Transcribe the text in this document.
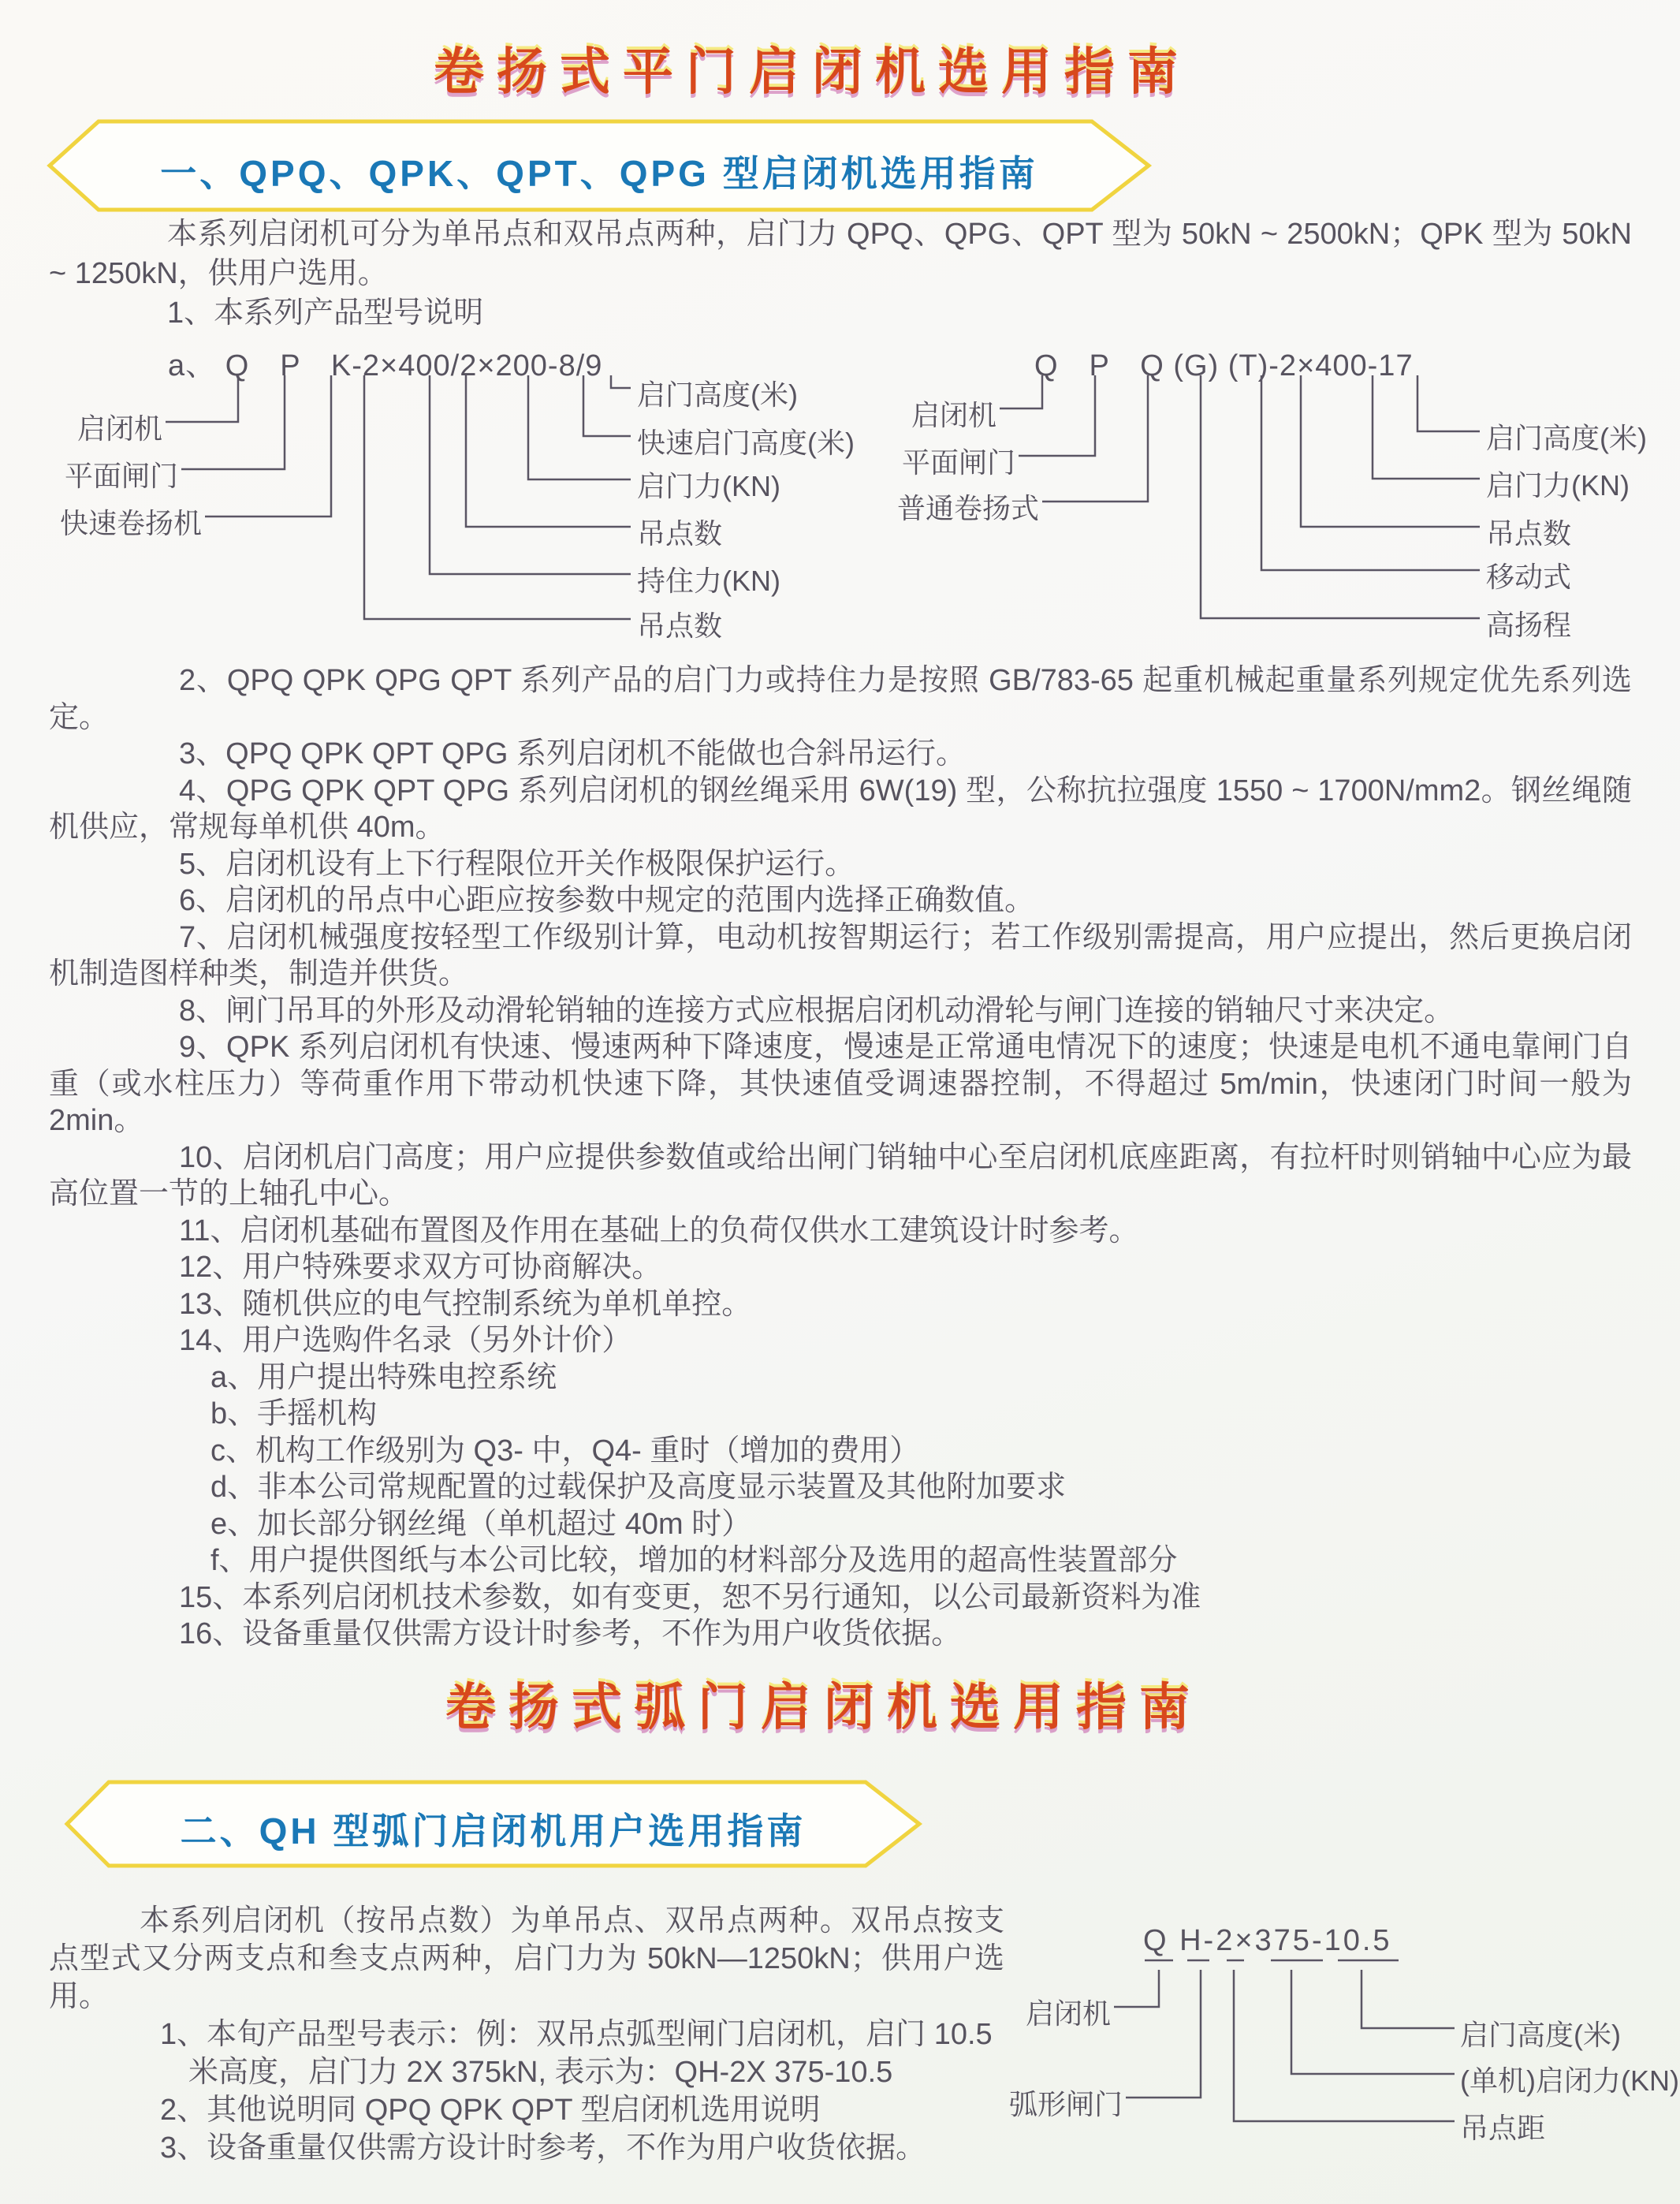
卷扬式平门启闭机选用指南
一、QPQ、QPK、QPT、QPG 型启闭机选用指南

本系列启闭机可分为单吊点和双吊点两种，启门力 QPQ、QPG、QPT 型为 50kN ~ 2500kN；QPK 型为 50kN ~ 1250kN，供用户选用。

1、本系列产品型号说明

a、 Q　P　K-2×400/2×200-8/9	Q　P　Q (G) (T)-2×400-17
启闭机
平面闸门
快速卷扬机
启门高度(米)
快速启门高度(米)
启门力(KN)
吊点数
持住力(KN)
吊点数
启闭机
平面闸门
普通卷扬式
启门高度(米)
启门力(KN)
吊点数
移动式
高扬程

2、QPQ QPK QPG QPT 系列产品的启门力或持住力是按照 GB/783-65 起重机械起重量系列规定优先系列选定。

3、QPQ QPK QPT QPG 系列启闭机不能做也合斜吊运行。

4、QPG QPK QPT QPG 系列启闭机的钢丝绳采用 6W(19) 型，公称抗拉强度 1550 ~ 1700N/mm2。钢丝绳随机供应，常规每单机供 40m。

5、启闭机设有上下行程限位开关作极限保护运行。

6、启闭机的吊点中心距应按参数中规定的范围内选择正确数值。

7、启闭机械强度按轻型工作级别计算，电动机按智期运行；若工作级别需提高，用户应提出，然后更换启闭机制造图样种类，制造并供货。

8、闸门吊耳的外形及动滑轮销轴的连接方式应根据启闭机动滑轮与闸门连接的销轴尺寸来决定。

9、QPK 系列启闭机有快速、慢速两种下降速度，慢速是正常通电情况下的速度；快速是电机不通电靠闸门自重（或水柱压力）等荷重作用下带动机快速下降，其快速值受调速器控制，不得超过 5m/min，快速闭门时间一般为 2min。

10、启闭机启门高度；用户应提供参数值或给出闸门销轴中心至启闭机底座距离，有拉杆时则销轴中心应为最高位置一节的上轴孔中心。

11、启闭机基础布置图及作用在基础上的负荷仅供水工建筑设计时参考。

12、用户特殊要求双方可协商解决。

13、随机供应的电气控制系统为单机单控。

14、用户选购件名录（另外计价）

a、用户提出特殊电控系统

b、手摇机构

c、机构工作级别为 Q3- 中，Q4- 重时（增加的费用）

d、非本公司常规配置的过载保护及高度显示装置及其他附加要求

e、加长部分钢丝绳（单机超过 40m 时）

f、用户提供图纸与本公司比较，增加的材料部分及选用的超高性装置部分

15、本系列启闭机技术参数，如有变更，恕不另行通知，以公司最新资料为准

16、设备重量仅供需方设计时参考，不作为用户收货依据。

卷扬式弧门启闭机选用指南
二、QH 型弧门启闭机用户选用指南

本系列启闭机（按吊点数）为单吊点、双吊点两种。双吊点按支点型式又分两支点和叁支点两种，启门力为 50kN—1250kN；供用户选用。

1、本旬产品型号表示：例：双吊点弧型闸门启闭机，启门 10.5 米高度，启门力 2X 375kN, 表示为：QH-2X 375-10.5

2、其他说明同 QPQ QPK QPT 型启闭机选用说明

3、设备重量仅供需方设计时参考，不作为用户收货依据。

Q H-2×375-10.5
启闭机
弧形闸门
启门高度(米)
(单机)启闭力(KN)
吊点距
